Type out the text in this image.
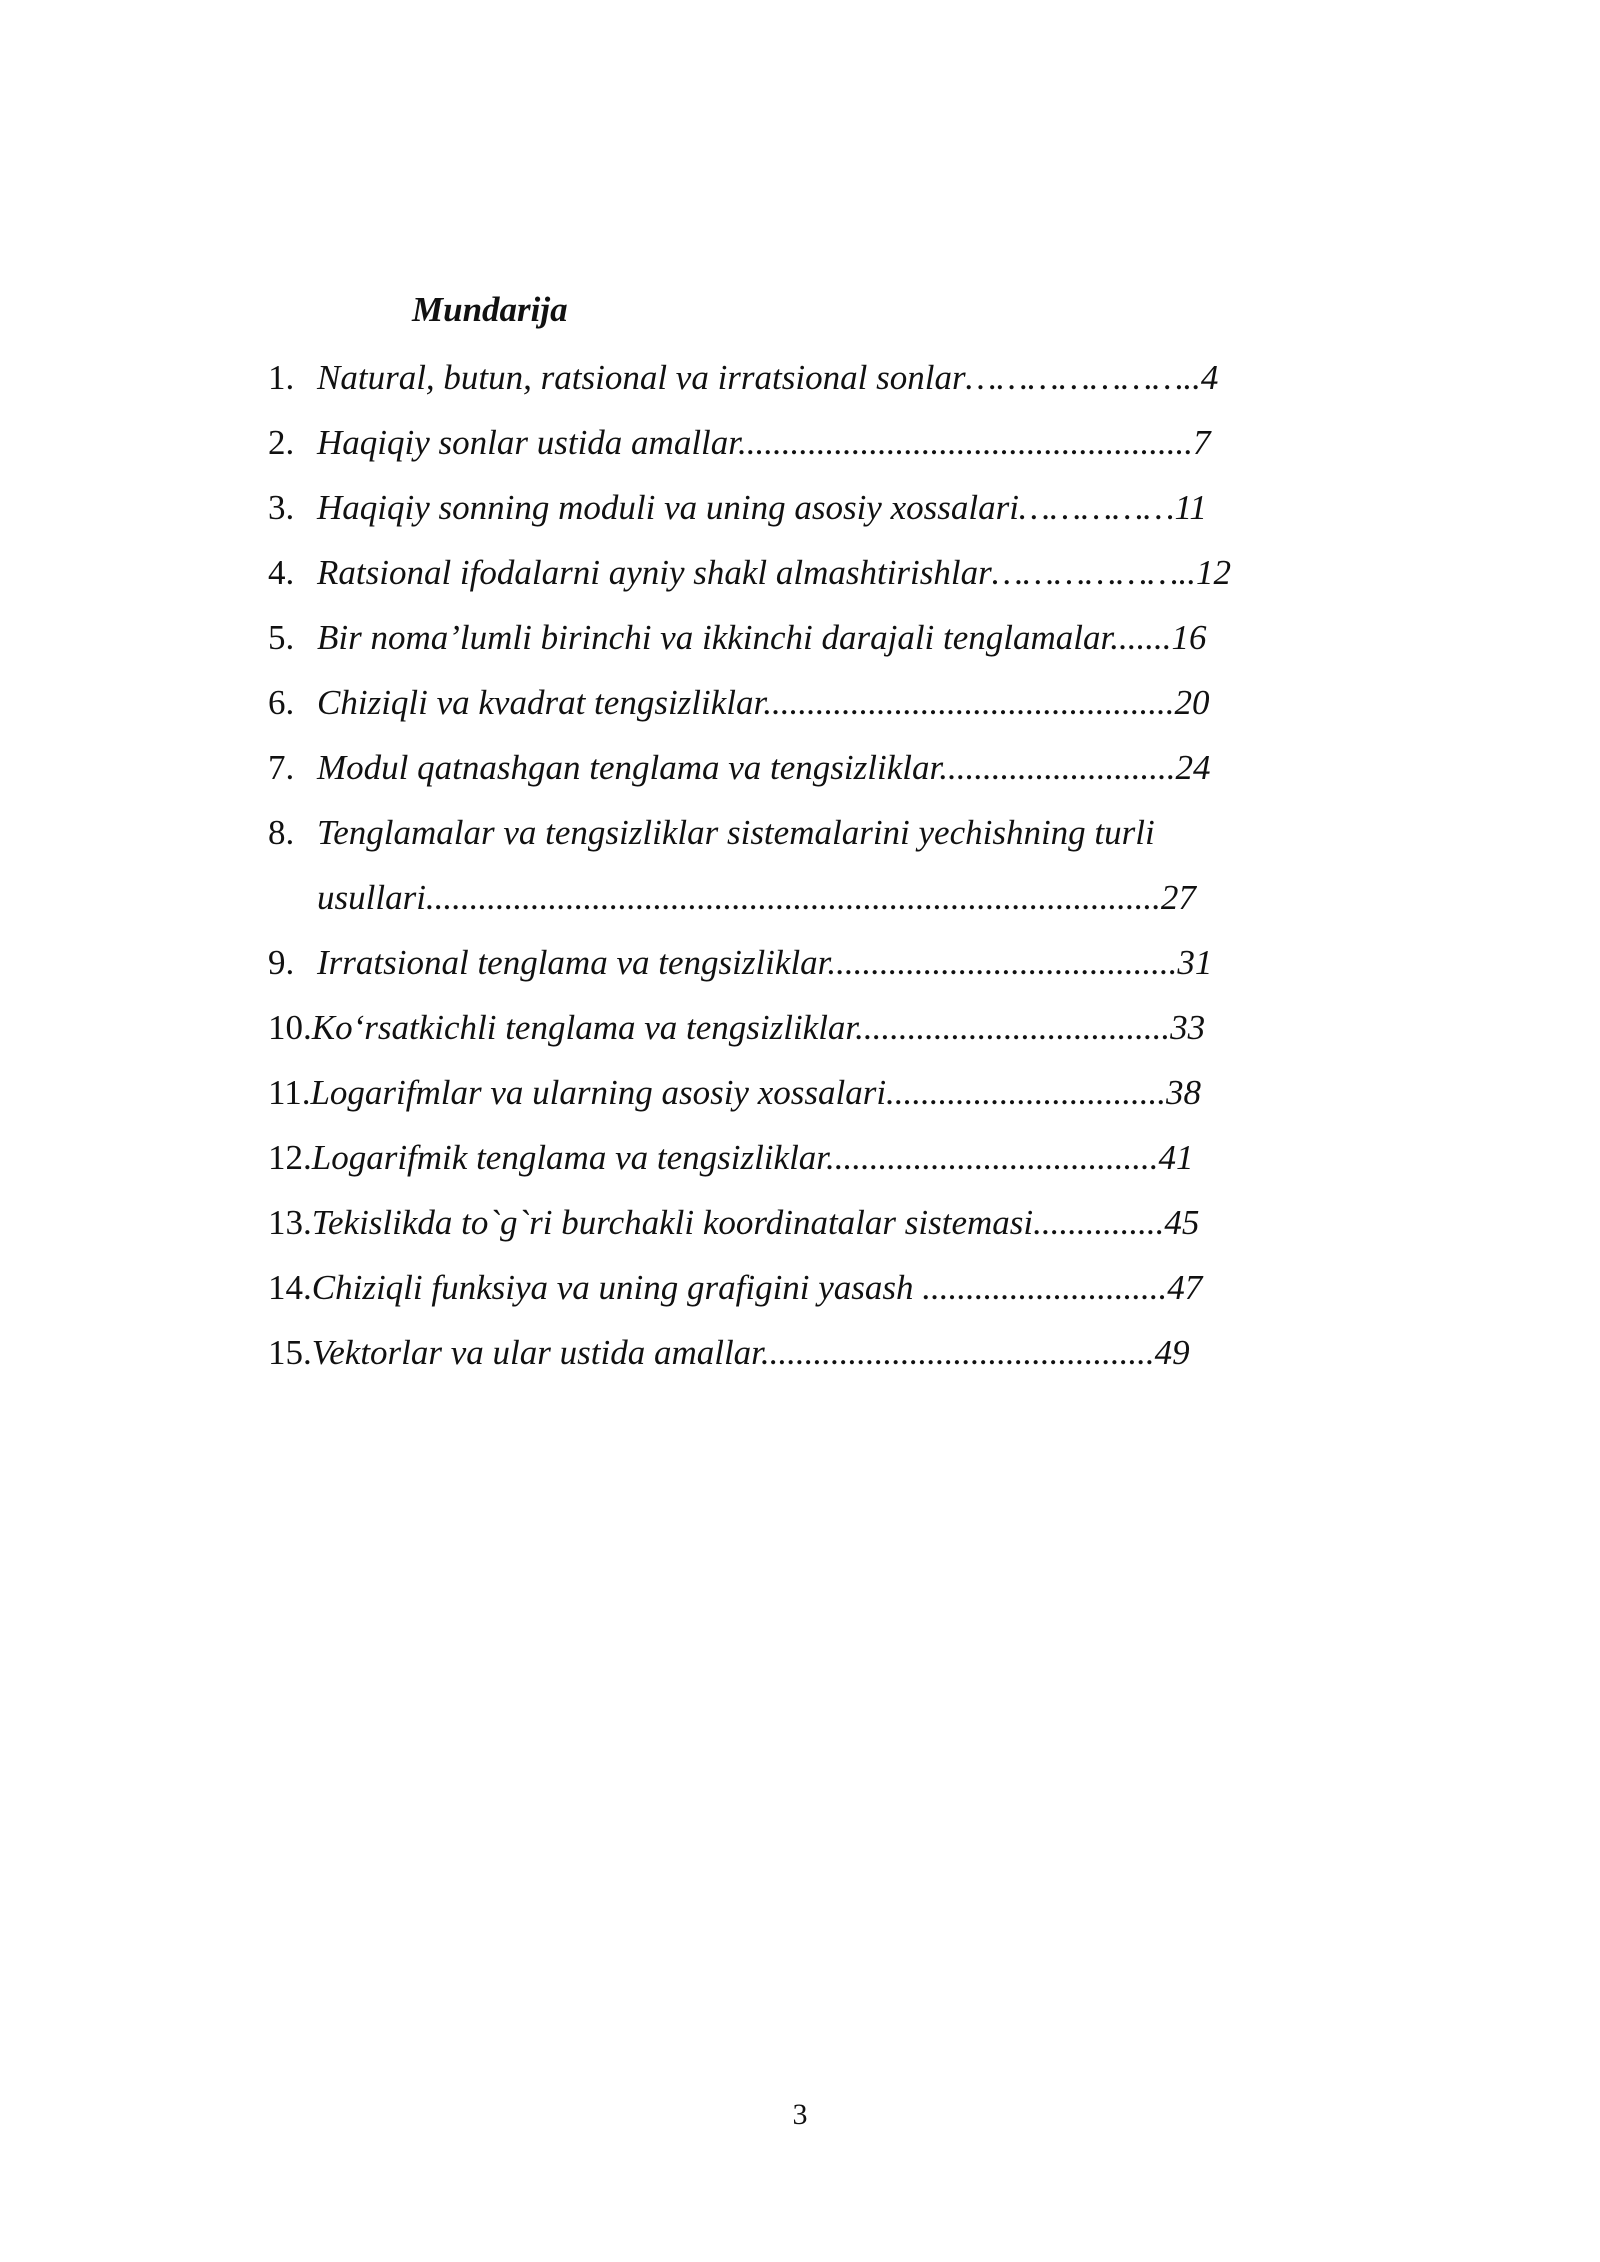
Mundarija
1. Natural, butun, ratsional va irratsional sonlar…………………..4
2. Haqiqiy sonlar ustida amallar....................................................7
3. Haqiqiy sonning moduli va uning asosiy xossalari……………11
4. Ratsional ifodalarni ayniy shakl almashtirishlar………………..12
5. Bir noma’lumli birinchi va ikkinchi darajali tenglamalar.......16
6. Chiziqli va kvadrat tengsizliklar...............................................20
7. Modul qatnashgan tenglama va tengsizliklar...........................24
8. Tenglamalar va tengsizliklar sistemalarini yechishning turli
usullari....................................................................................27
9. Irratsional tenglama va tengsizliklar........................................31
10.Ko‘rsatkichli tenglama va tengsizliklar....................................33
11.Logarifmlar va ularning asosiy xossalari................................38
12.Logarifmik tenglama va tengsizliklar......................................41
13.Tekislikda to`g`ri burchakli koordinatalar sistemasi...............45
14.Chiziqli funksiya va uning grafigini yasash ............................47
15.Vektorlar va ular ustida amallar.............................................49
3
